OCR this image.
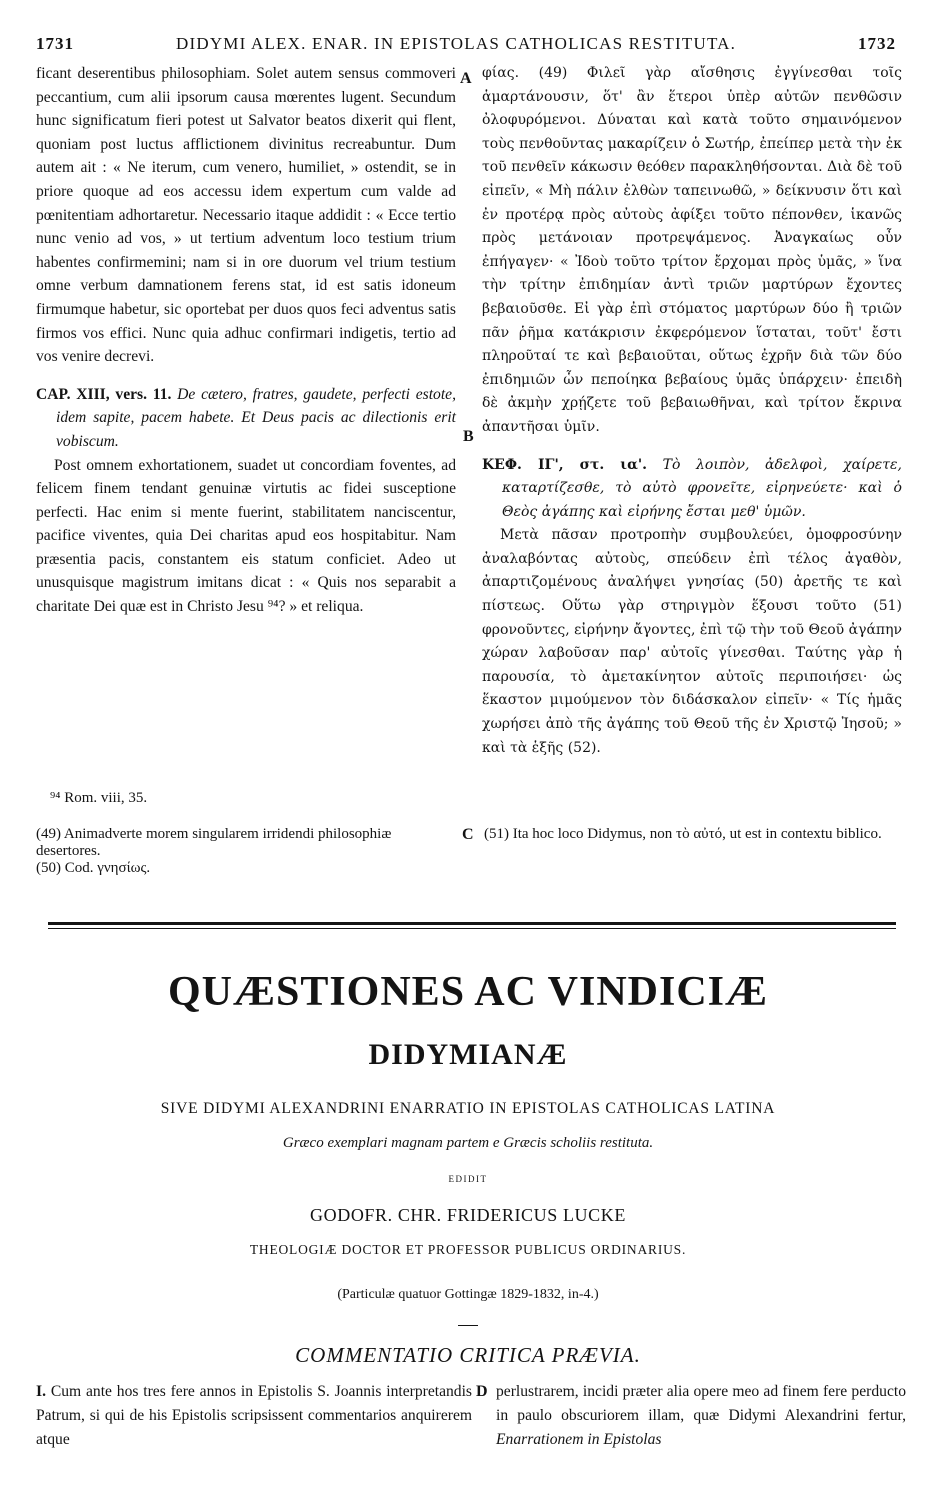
1731	DIDYMI ALEX. ENAR. IN EPISTOLAS CATHOLICAS RESTITUTA.	1732

ficant deserentibus philosophiam. Solet autem sensus commoveri peccantium, cum alii ipsorum causa mœrentes lugent. Secundum hunc significatum fieri potest ut Salvator beatos dixerit qui flent, quoniam post luctus afflictionem divinitus recreabuntur. Dum autem ait : « Ne iterum, cum venero, humiliet, » ostendit, se in priore quoque ad eos accessu idem expertum cum valde ad pœnitentiam adhortaretur. Necessario itaque addidit : « Ecce tertio nunc venio ad vos, » ut tertium adventum loco testium trium habentes confirmemini; nam si in ore duorum vel trium testium omne verbum damnationem ferens stat, id est satis idoneum firmumque habetur, sic oportebat per duos quos feci adventus satis firmos vos effici. Nunc quia adhuc confirmari indigetis, tertio ad vos venire decrevi.

CAP. XIII, vers. 11. De cætero, fratres, gaudete, perfecti estote, idem sapite, pacem habete. Et Deus pacis ac dilectionis erit vobiscum.

Post omnem exhortationem, suadet ut concordiam foventes, ad felicem finem tendant genuinæ virtutis ac fidei susceptione perfecti. Hac enim si mente fuerint, stabilitatem nanciscentur, pacifice viventes, quia Dei charitas apud eos hospitabitur. Nam præsentia pacis, constantem eis statum conficiet. Adeo ut unusquisque magistrum imitans dicat : « Quis nos separabit a charitate Dei quæ est in Christo Jesu ⁹⁴? » et reliqua.

φίας. (49) Φιλεῖ γὰρ αἴσθησις ἐγγίνεσθαι τοῖς ἁμαρτάνουσιν, ὅτ' ἂν ἕτεροι ὑπὲρ αὐτῶν πενθῶσιν ὀλοφυρόμενοι. Δύναται καὶ κατὰ τοῦτο σημαινόμενον τοὺς πενθοῦντας μακαρίζειν ὁ Σωτήρ, ἐπείπερ μετὰ τὴν ἐκ τοῦ πενθεῖν κάκωσιν θεόθεν παρακληθήσονται. Διὰ δὲ τοῦ εἰπεῖν, « Μὴ πάλιν ἐλθὼν ταπεινωθῶ, » δείκνυσιν ὅτι καὶ ἐν προτέρᾳ πρὸς αὐτοὺς ἀφίξει τοῦτο πέπονθεν, ἱκανῶς πρὸς μετάνοιαν προτρεψάμενος. Ἀναγκαίως οὖν ἐπήγαγεν· « Ἰδοὺ τοῦτο τρίτον ἔρχομαι πρὸς ὑμᾶς, » ἵνα τὴν τρίτην ἐπιδημίαν ἀντὶ τριῶν μαρτύρων ἔχοντες βεβαιοῦσθε. Εἰ γὰρ ἐπὶ στόματος μαρτύρων δύο ἢ τριῶν πᾶν ῥῆμα κατάκρισιν ἐκφερόμενον ἵσταται, τοῦτ' ἔστι πληροῦταί τε καὶ βεβαιοῦται, οὕτως ἐχρῆν διὰ τῶν δύο ἐπιδημιῶν ὧν πεποίηκα βεβαίους ὑμᾶς ὑπάρχειν· ἐπειδὴ δὲ ἀκμὴν χρῄζετε τοῦ βεβαιωθῆναι, καὶ τρίτον ἔκρινα ἀπαντῆσαι ὑμῖν.

ΚΕΦ. ΙΓ', στ. ια'. Τὸ λοιπὸν, ἀδελφοὶ, χαίρετε, καταρτίζεσθε, τὸ αὐτὸ φρονεῖτε, εἰρηνεύετε· καὶ ὁ Θεὸς ἀγάπης καὶ εἰρήνης ἔσται μεθ' ὑμῶν.

Μετὰ πᾶσαν προτροπὴν συμβουλεύει, ὁμοφροσύνην ἀναλαβόντας αὐτοὺς, σπεύδειν ἐπὶ τέλος ἀγαθὸν, ἀπαρτιζομένους ἀναλήψει γνησίας (50) ἀρετῆς τε καὶ πίστεως. Οὕτω γὰρ στηριγμὸν ἕξουσι τοῦτο (51) φρονοῦντες, εἰρήνην ἄγοντες, ἐπὶ τῷ τὴν τοῦ Θεοῦ ἀγάπην χώραν λαβοῦσαν παρ' αὐτοῖς γίνεσθαι. Ταύτης γὰρ ἡ παρουσία, τὸ ἀμετακίνητον αὐτοῖς περιποιήσει· ὡς ἕκαστον μιμούμενον τὸν διδάσκαλον εἰπεῖν· « Τίς ἡμᾶς χωρήσει ἀπὸ τῆς ἀγάπης τοῦ Θεοῦ τῆς ἐν Χριστῷ Ἰησοῦ; » καὶ τὰ ἑξῆς (52).

A
B
C
D
⁹⁴ Rom. viii, 35.

(49) Animadverte morem singularem irridendi philosophiæ desertores.

(50) Cod. γνησίως.

(51) Ita hoc loco Didymus, non τὸ αὐτό, ut est in contextu biblico.

QUÆSTIONES AC VINDICIÆ
DIDYMIANÆ
SIVE DIDYMI ALEXANDRINI ENARRATIO IN EPISTOLAS CATHOLICAS LATINA
Græco exemplari magnam partem e Græcis scholiis restituta.
EDIDIT
GODOFR. CHR. FRIDERICUS LUCKE
THEOLOGIÆ DOCTOR ET PROFESSOR PUBLICUS ORDINARIUS.
(Particulæ quatuor Gottingæ 1829-1832, in-4.)
COMMENTATIO CRITICA PRÆVIA.

I. Cum ante hos tres fere annos in Epistolis S. Joannis interpretandis Patrum, si qui de his Epistolis scripsissent commentarios anquirerem atque

perlustrarem, incidi præter alia opere meo ad finem fere perducto in paulo obscuriorem illam, quæ Didymi Alexandrini fertur, Enarrationem in Epistolas
